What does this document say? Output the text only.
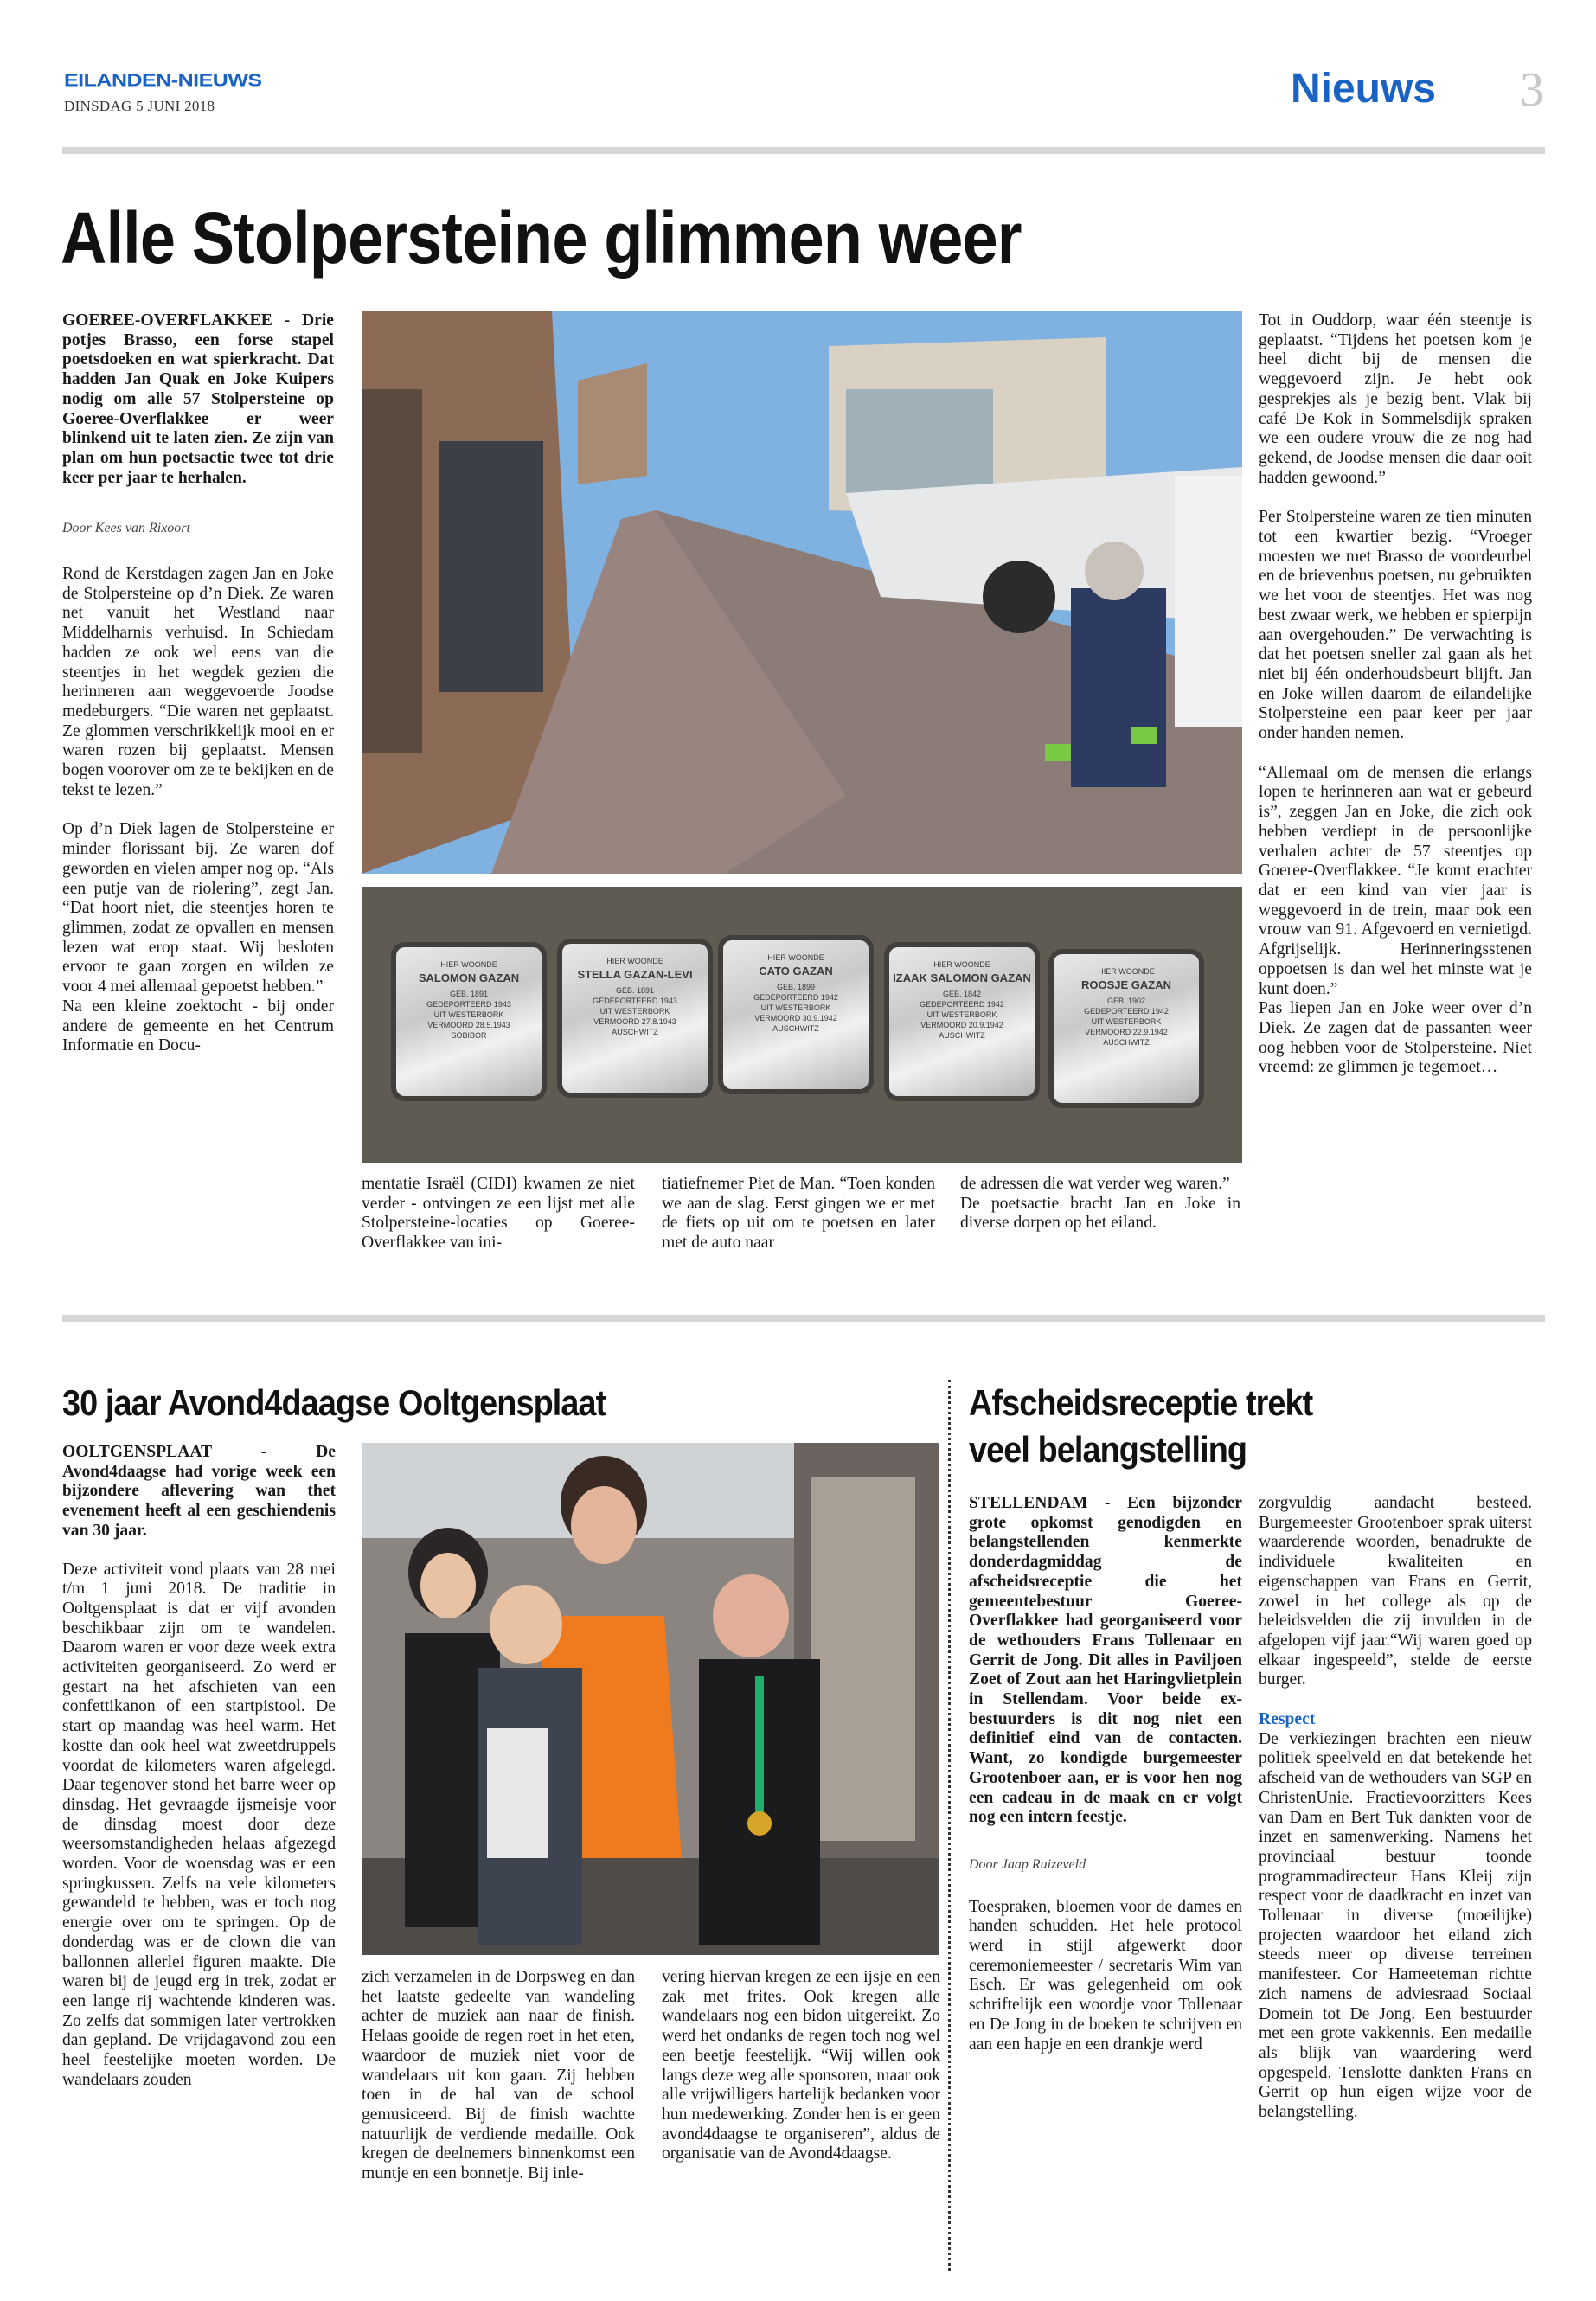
EILANDEN-NIEUWS
DINSDAG 5 JUNI 2018	Nieuws 3
Alle Stolpersteine glimmen weer

GOEREE-OVERFLAKKEE - Drie potjes Brasso, een forse stapel poetsdoeken en wat spierkracht. Dat hadden Jan Quak en Joke Kuipers nodig om alle 57 Stolpersteine op Goeree-Overflakkee er weer blinkend uit te laten zien. Ze zijn van plan om hun poetsactie twee tot drie keer per jaar te herhalen.

Door Kees van Rixoort

Rond de Kerstdagen zagen Jan en Joke de Stolpersteine op d’n Diek. Ze waren net vanuit het Westland naar Middelharnis verhuisd. In Schiedam hadden ze ook wel eens van die steentjes in het wegdek gezien die herinneren aan weggevoerde Joodse medeburgers. “Die waren net geplaatst. Ze glommen verschrikkelijk mooi en er waren rozen bij geplaatst. Mensen bogen voorover om ze te bekijken en de tekst te lezen.”

Op d’n Diek lagen de Stolpersteine er minder florissant bij. Ze waren dof geworden en vielen amper nog op. “Als een putje van de riolering”, zegt Jan. “Dat hoort niet, die steentjes horen te glimmen, zodat ze opvallen en mensen lezen wat erop staat. Wij besloten ervoor te gaan zorgen en wilden ze voor 4 mei allemaal gepoetst hebben.”

Na een kleine zoektocht - bij onder andere de gemeente en het Centrum Informatie en Docu-

HIER WOONDE
SALOMON GAZAN
GEB. 1891
GEDEPORTEERD 1943
UIT WESTERBORK
VERMOORD 28.5.1943
SOBIBOR
HIER WOONDE
STELLA GAZAN-LEVI
GEB. 1891
GEDEPORTEERD 1943
UIT WESTERBORK
VERMOORD 27.8.1943
AUSCHWITZ
HIER WOONDE
CATO GAZAN
GEB. 1899
GEDEPORTEERD 1942
UIT WESTERBORK
VERMOORD 30.9.1942
AUSCHWITZ
HIER WOONDE
IZAAK SALOMON GAZAN
GEB. 1842
GEDEPORTEERD 1942
UIT WESTERBORK
VERMOORD 20.9.1942
AUSCHWITZ
HIER WOONDE
ROOSJE GAZAN
GEB. 1902
GEDEPORTEERD 1942
UIT WESTERBORK
VERMOORD 22.9.1942
AUSCHWITZ

mentatie Israël (CIDI) kwamen ze niet verder - ontvingen ze een lijst met alle Stolpersteine-locaties op Goeree-Overflakkee van ini-

tiatiefnemer Piet de Man. “Toen konden we aan de slag. Eerst gingen we er met de fiets op uit om te poetsen en later met de auto naar

de adressen die wat verder weg waren.”

De poetsactie bracht Jan en Joke in diverse dorpen op het eiland.

Tot in Ouddorp, waar één steentje is geplaatst. “Tijdens het poetsen kom je heel dicht bij de mensen die weggevoerd zijn. Je hebt ook gesprekjes als je bezig bent. Vlak bij café De Kok in Sommelsdijk spraken we een oudere vrouw die ze nog had gekend, de Joodse mensen die daar ooit hadden gewoond.”

Per Stolpersteine waren ze tien minuten tot een kwartier bezig. “Vroeger moesten we met Brasso de voordeurbel en de brievenbus poetsen, nu gebruikten we het voor de steentjes. Het was nog best zwaar werk, we hebben er spierpijn aan overgehouden.” De verwachting is dat het poetsen sneller zal gaan als het niet bij één onderhoudsbeurt blijft. Jan en Joke willen daarom de eilandelijke Stolpersteine een paar keer per jaar onder handen nemen.

“Allemaal om de mensen die erlangs lopen te herinneren aan wat er gebeurd is”, zeggen Jan en Joke, die zich ook hebben verdiept in de persoonlijke verhalen achter de 57 steentjes op Goeree-Overflakkee. “Je komt erachter dat er een kind van vier jaar is weggevoerd in de trein, maar ook een vrouw van 91. Afgevoerd en vernietigd. Afgrijselijk. Herinneringsstenen oppoetsen is dan wel het minste wat je kunt doen.”

Pas liepen Jan en Joke weer over d’n Diek. Ze zagen dat de passanten weer oog hebben voor de Stolpersteine. Niet vreemd: ze glimmen je tegemoet…

30 jaar Avond4daagse Ooltgensplaat

OOLTGENSPLAAT - De Avond4daagse had vorige week een bijzondere aflevering wan thet evenement heeft al een geschiendenis van 30 jaar.

Deze activiteit vond plaats van 28 mei t/m 1 juni 2018. De traditie in Ooltgensplaat is dat er vijf avonden beschikbaar zijn om te wandelen. Daarom waren er voor deze week extra activiteiten georganiseerd. Zo werd er gestart na het afschieten van een confettikanon of een startpistool. De start op maandag was heel warm. Het kostte dan ook heel wat zweetdruppels voordat de kilometers waren afgelegd. Daar tegenover stond het barre weer op dinsdag. Het gevraagde ijsmeisje voor de dinsdag moest door deze weersomstandigheden helaas afgezegd worden. Voor de woensdag was er een springkussen. Zelfs na vele kilometers gewandeld te hebben, was er toch nog energie over om te springen. Op de donderdag was er de clown die van ballonnen allerlei figuren maakte. Die waren bij de jeugd erg in trek, zodat er een lange rij wachtende kinderen was. Zo zelfs dat sommigen later vertrokken dan gepland. De vrijdagavond zou een heel feestelijke moeten worden. De wandelaars zouden

zich verzamelen in de Dorpsweg en dan het laatste gedeelte van wandeling achter de muziek aan naar de finish. Helaas gooide de regen roet in het eten, waardoor de muziek niet voor de wandelaars uit kon gaan. Zij hebben toen in de hal van de school gemusiceerd. Bij de finish wachtte natuurlijk de verdiende medaille. Ook kregen de deelnemers binnenkomst een muntje en een bonnetje. Bij inle-

vering hiervan kregen ze een ijsje en een zak met frites. Ook kregen alle wandelaars nog een bidon uitgereikt. Zo werd het ondanks de regen toch nog wel een beetje feestelijk. “Wij willen ook langs deze weg alle sponsoren, maar ook alle vrijwilligers hartelijk bedanken voor hun medewerking. Zonder hen is er geen avond4daagse te organiseren”, aldus de organisatie van de Avond4daagse.

Afscheidsreceptie trekt
veel belangstelling

STELLENDAM - Een bijzonder grote opkomst genodigden en belangstellenden kenmerkte donderdagmiddag de afscheidsreceptie die het gemeentebestuur Goeree-Overflakkee had georganiseerd voor de wethouders Frans Tollenaar en Gerrit de Jong. Dit alles in Paviljoen Zoet of Zout aan het Haringvlietplein in Stellendam. Voor beide ex-bestuurders is dit nog niet een definitief eind van de contacten. Want, zo kondigde burgemeester Grootenboer aan, er is voor hen nog een cadeau in de maak en er volgt nog een intern feestje.

Door Jaap Ruizeveld

Toespraken, bloemen voor de dames en handen schudden. Het hele protocol werd in stijl afgewerkt door ceremoniemeester / secretaris Wim van Esch. Er was gelegenheid om ook schriftelijk een woordje voor Tollenaar en De Jong in de boeken te schrijven en aan een hapje en een drankje werd

zorgvuldig aandacht besteed. Burgemeester Grootenboer sprak uiterst waarderende woorden, benadrukte de individuele kwaliteiten en eigenschappen van Frans en Gerrit, zowel in het college als op de beleidsvelden die zij invulden in de afgelopen vijf jaar.“Wij waren goed op elkaar ingespeeld”, stelde de eerste burger.

Respect

De verkiezingen brachten een nieuw politiek speelveld en dat betekende het afscheid van de wethouders van SGP en ChristenUnie. Fractievoorzitters Kees van Dam en Bert Tuk dankten voor de inzet en samenwerking. Namens het provinciaal bestuur toonde programmadirecteur Hans Kleij zijn respect voor de daadkracht en inzet van Tollenaar in diverse (moeilijke) projecten waardoor het eiland zich steeds meer op diverse terreinen manifesteer. Cor Hameeteman richtte zich namens de adviesraad Sociaal Domein tot De Jong. Een bestuurder met een grote vakkennis. Een medaille als blijk van waardering werd opgespeld. Tenslotte dankten Frans en Gerrit op hun eigen wijze voor de belangstelling.
